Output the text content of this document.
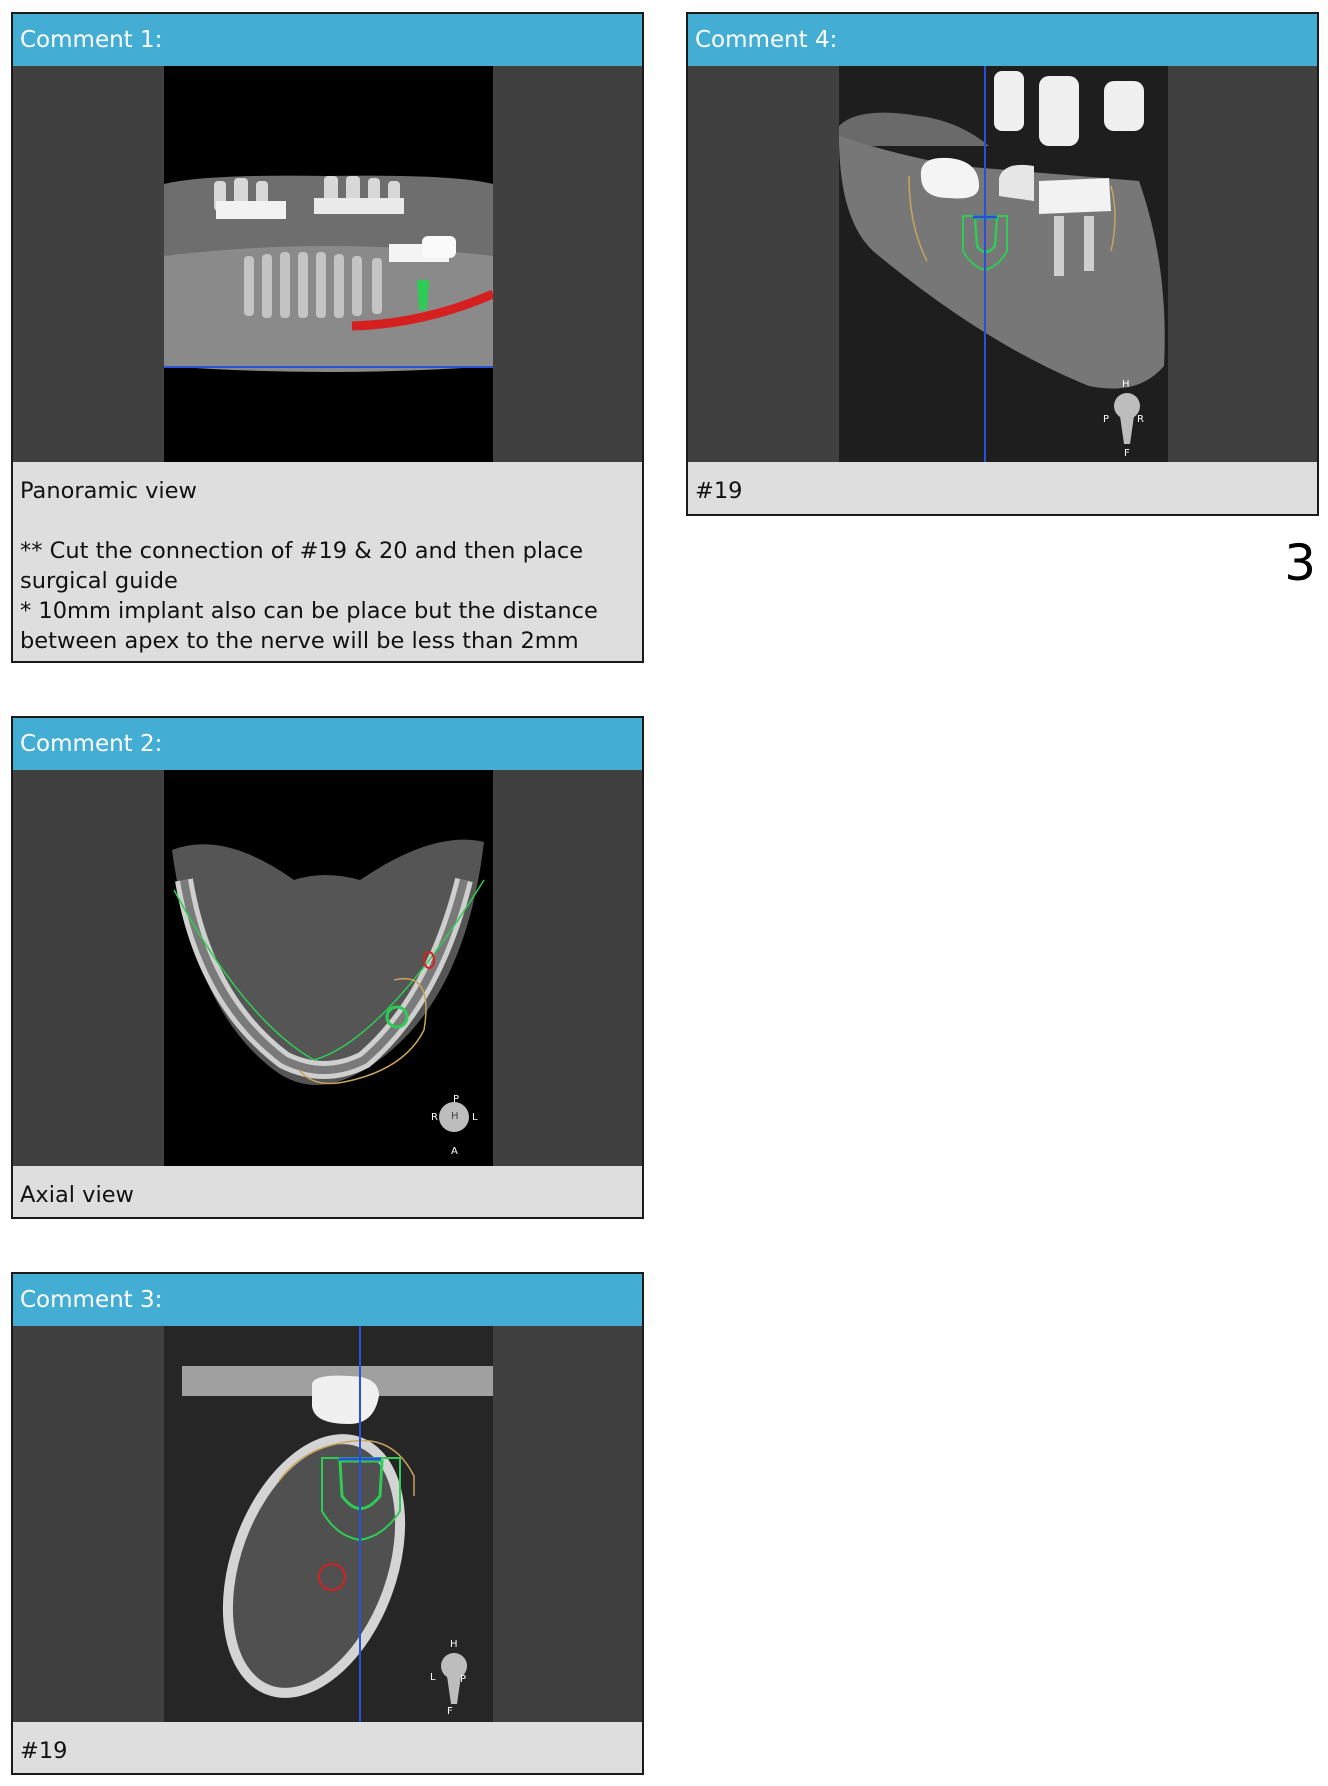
Comment 1:
Panoramic view
** Cut the connection of #19 & 20 and then place surgical guide
* 10mm implant also can be place but the distance between apex to the nerve will be less than 2mm
Comment 2:
P
R H L
A
Axial view
Comment 3:
H
L P
F
#19
Comment 4:
H
P	R
F
#19
3
